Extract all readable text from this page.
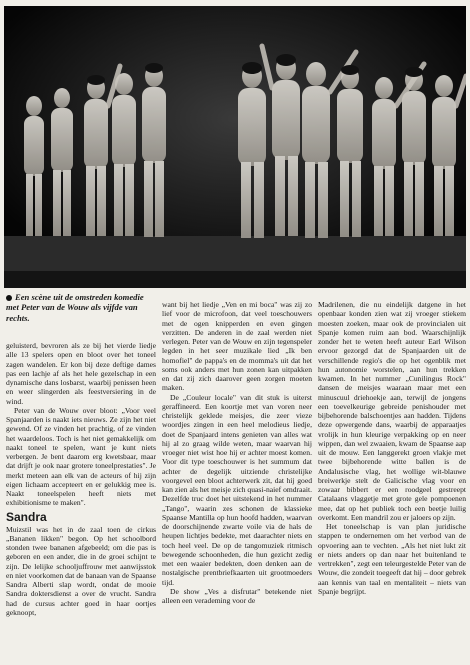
Een scène uit de omstreden komedie met Peter van de Wouw als vijfde van rechts.

geluisterd, bevroren als ze bij het vierde liedje alle 13 spelers open en bloot over het toneel zagen wandelen. Er kon bij deze deftige dames pas een lachje af als het hele gezelschap in een dynamische dans losbarst, waarbij penissen heen en weer slingerden als feestversiering in de wind.

Peter van de Wouw over bloot: „Voor veel Spanjaarden is naakt iets nieuws. Ze zijn het niet gewend. Of ze vinden het prachtig, of ze vinden het waardeloos. Toch is het niet gemakkelijk om naakt toneel te spelen, want je kunt niets verbergen. Je bent daarom erg kwetsbaar, maar dat drijft je ook naar grotere toneelprestaties". Je merkt meteen aan elk van de acteurs of hij zijn eigen lichaam accepteert en er gelukkig mee is. Naakt toneelspelen heeft niets met exhibitionisme te maken".

Sandra

Muizstil was het in de zaal toen de cirkus „Bananen likken" begon. Op het schoolbord stonden twee bananen afgebeeld; om die pas is geboren en een ander, die in de groei schijnt te zijn. De lelijke schooljuffrouw met aanwijsstok en niet voorkomen dat de banaan van de Spaanse Sandra Alberti slap wordt, ondat de mooie Sandra doktersdienst a over de vrucht. Sandra had de cursus achter goed in haar oortjes geknoopt,

want bij het liedje „Ven en mi boca" was zij zo lief voor de microfoon, dat veel toeschouwers met de ogen knipperden en even gingen verzitten. De anderen in de zaal werden niet verlegen. Peter van de Wouw en zijn tegenspeler legden in het seer muzikale lied „Ik ben homofiel" de pappa's en de momma's uit dat het soms ook anders met hun zonen kan uitpakken en dat zij zich daarover geen zorgen moeten maken.

De „Couleur locale" van dit stuk is uiterst geraffineerd. Een koortje met van voren neer christelijk geklede meisjes, die zeer vieze woordjes zingen in een heel melodieus liedje, doet de Spanjaard intens genieten van alles wat hij al zo graag wilde weten, maar waarvan hij vroeger niet wist hoe hij er achter moest komen. Voor dit type toeschouwer is het summum dat achter de degelijk uitziende christelijke voorgevel een bloot achterwerk zit, dat hij goed kan zien als het meisje zich quasi-naief omdraait. Dezelfde truc doet het uitstekend in het nummer „Tango", waarin zes schonen de klassieke Spaanse Mantilla op hun hoofd hadden, waarvan de doorschijnende zwarte voile via de hals de heupen lichtjes bedekte, met daarachter niets en toch heel veel. De op de tangomuziek ritmisch bewegende schoonheden, die hun gezicht zedig met een waaier bedekten, doen denken aan de nostalgische prentbriefkaarten uit grootmoeders tijd.

De show „Ves a disfrutar" betekende niet alleen een verademing voor de

Madrilenen, die nu eindelijk datgene in het openbaar konden zien wat zij vroeger stiekem moesten zoeken, maar ook de provincialen uit Spanje komen ruim aan bod. Waarschijnlijk zonder het te weten heeft auteur Earl Wilson ervoor gezorgd dat de Spanjaarden uit de verschillende regio's die op het ogenblik met hun autonomie worstelen, aan hun trekken kwamen. In het nummer „Cunilingus Rock" dansen de meisjes waaraan maar met een minuscuul driehoekje aan, terwijl de jongens een toevelkeurige gebreide penishouder met bijbehorende balschoentjes aan hadden. Tijdens deze opwergende dans, waarbij de apparaatjes vrolijk in hun kleurige verpakking op en neer wippen, dan wel zwaaien, kwam de Spaanse aap uit de mouw. Een langgerekt groen vlakje met twee bijbehorende witte ballen is de Andalusische vlag, het wollige wit-blauwe breiwerkje stelt de Galicische vlag voor en zowaar bibbert er een roodgeel gestreept Catalaans vlaggetje met grote gele pompoenen mee, dat op het publiek toch een beetje luilig overkomt. Een mandril zou er jaloers op zijn.

Het toneelschap is van plan juridische stappen te ondernemen om het verbod van de opvoering aan te vechten. „Als het niet lukt zit er niets anders op dan naar het buitenland te vertrekken", zegt een teleurgestelde Peter van de Wouw, die zondeit toegeeft dat hij – door gebrek aan kennis van taal en mentaliteit – niets van Spanje begrijpt.
